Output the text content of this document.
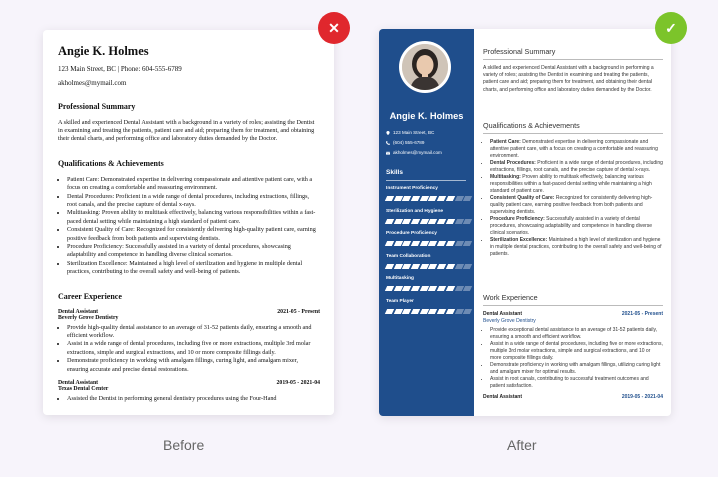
Angie K. Holmes
123 Main Street, BC | Phone: 604-555-6789
akholmes@mymail.com
Professional Summary

A skilled and experienced Dental Assistant with a background in a variety of roles; assisting the Dentist in examining and treating the patients, patient care and aid; preparing them for treatment, and obtaining their dental charts, and performing office and laboratory duties demanded by the Doctor.

Qualifications & Achievements
• Patient Care: Demonstrated expertise in delivering compassionate and attentive patient care, with a focus on creating a comfortable and reassuring environment.
• Dental Procedures: Proficient in a wide range of dental procedures, including extractions, fillings, root canals, and the precise capture of dental x-rays.
• Multitasking: Proven ability to multitask effectively, balancing various responsibilities within a fast-paced dental setting while maintaining a high standard of patient care.
• Consistent Quality of Care: Recognized for consistently delivering high-quality patient care, earning positive feedback from both patients and supervising dentists.
• Procedure Proficiency: Successfully assisted in a variety of dental procedures, showcasing adaptability and competence in handling diverse clinical scenarios.
• Sterilization Excellence: Maintained a high level of sterilization and hygiene in multiple dental practices, contributing to the overall safety and well-being of patients.
Career Experience
Dental Assistant	2021-05 - Present
Beverly Grove Dentistry
• Provide high-quality dental assistance to an average of 31-52 patients daily, ensuring a smooth and efficient workflow.
• Assist in a wide range of dental procedures, including five or more extractions, multiple 3rd molar extractions, simple and surgical extractions, and 10 or more composite fillings daily.
• Demonstrate proficiency in working with amalgam fillings, curing light, and amalgam mixer, ensuring accurate and precise dental restorations.
Dental Assistant	2019-05 - 2021-04
Texas Dental Center
• Assisted the Dentist in performing general dentistry procedures using the Four-Hand
Angie K. Holmes
123 Main Street, BC
(604) 555-6789
akholmes@mymail.com
Skills
Instrument Proficiency
Sterilization and Hygiene
Procedure Proficiency
Team Collaboration
Multitasking
Team Player
Professional Summary
A skilled and experienced Dental Assistant with a background in performing a variety of roles; assisting the Dentist in examining and treating the patients, patient care and aid; preparing them for treatment, and obtaining their dental charts, and performing office and laboratory duties demanded by the Doctor.
Qualifications & Achievements
• Patient Care: Demonstrated expertise in delivering compassionate and attentive patient care, with a focus on creating a comfortable and reassuring environment.
• Dental Procedures: Proficient in a wide range of dental procedures, including extractions, fillings, root canals, and the precise capture of dental x-rays.
• Multitasking: Proven ability to multitask effectively, balancing various responsibilities within a fast-paced dental setting while maintaining a high standard of patient care.
• Consistent Quality of Care: Recognized for consistently delivering high-quality patient care, earning positive feedback from both patients and supervising dentists.
• Procedure Proficiency: Successfully assisted in a variety of dental procedures, showcasing adaptability and competence in handling diverse clinical scenarios.
• Sterilization Excellence: Maintained a high level of sterilization and hygiene in multiple dental practices, contributing to the overall safety and well-being of patients.
Work Experience
Dental Assistant	2021-05 - Present
Beverly Grove Dentistry
• Provide exceptional dental assistance to an average of 31-52 patients daily, ensuring a smooth and efficient workflow.
• Assist in a wide range of dental procedures, including five or more extractions, multiple 3rd molar extractions, simple and surgical extractions, and 10 or more composite fillings daily.
• Demonstrate proficiency in working with amalgam fillings, utilizing curing light and amalgam mixer for optimal results.
• Assist in root canals, contributing to successful treatment outcomes and patient satisfaction.
Dental Assistant	2019-05 - 2021-04
✕	✓
Before	After
